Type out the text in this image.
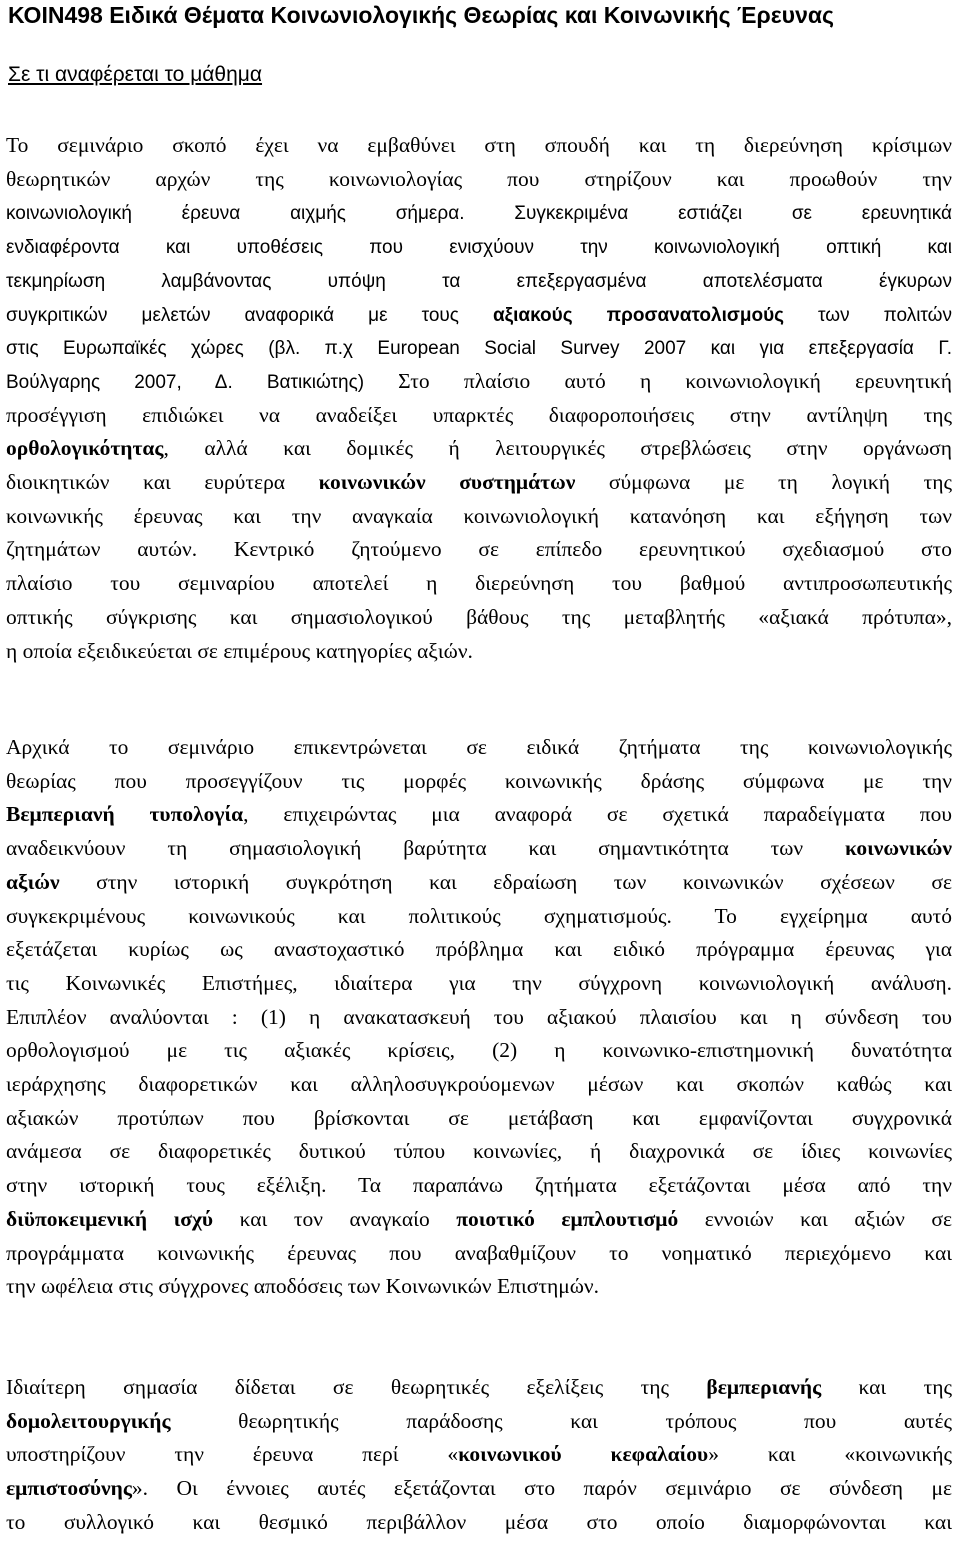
ΚΟΙΝ498 Ειδικά Θέματα Κοινωνιολογικής Θεωρίας και Κοινωνικής Έρευνας
Σε τι αναφέρεται το μάθημα
Το σεμινάριο σκοπό έχει να εμβαθύνει στη σπουδή και τη διερεύνηση κρίσιμων
θεωρητικών αρχών της κοινωνιολογίας που στηρίζουν και προωθούν την
κοινωνιολογική έρευνα αιχμής σήμερα. Συγκεκριμένα εστιάζει σε ερευνητικά
ενδιαφέροντα και υποθέσεις που ενισχύουν την κοινωνιολογική οπτική και
τεκμηρίωση λαμβάνοντας υπόψη τα επεξεργασμένα αποτελέσματα έγκυρων
συγκριτικών μελετών αναφορικά με τους αξιακούς προσανατολισμούς των πολιτών
στις Ευρωπαϊκές χώρες (βλ. π.χ European Social Survey 2007 και για επεξεργασία Γ.
Βούλγαρης 2007, Δ. Βατικιώτης) Στο πλαίσιο αυτό η κοινωνιολογική ερευνητική
προσέγγιση επιδιώκει να αναδείξει υπαρκτές διαφοροποιήσεις στην αντίληψη της
ορθολογικότητας, αλλά και δομικές ή λειτουργικές στρεβλώσεις στην οργάνωση
διοικητικών και ευρύτερα κοινωνικών συστημάτων σύμφωνα με τη λογική της
κοινωνικής έρευνας και την αναγκαία κοινωνιολογική κατανόηση και εξήγηση των
ζητημάτων αυτών. Κεντρικό ζητούμενο σε επίπεδο ερευνητικού σχεδιασμού στο
πλαίσιο του σεμιναρίου αποτελεί η διερεύνηση του βαθμού αντιπροσωπευτικής
οπτικής σύγκρισης και σημασιολογικού βάθους της μεταβλητής «αξιακά πρότυπα»,
η οποία εξειδικεύεται σε επιμέρους κατηγορίες αξιών.
Αρχικά το σεμινάριο επικεντρώνεται σε ειδικά ζητήματα της κοινωνιολογικής
θεωρίας που προσεγγίζουν τις μορφές κοινωνικής δράσης σύμφωνα με την
Βεμπεριανή τυπολογία, επιχειρώντας μια αναφορά σε σχετικά παραδείγματα που
αναδεικνύουν τη σημασιολογική βαρύτητα και σημαντικότητα των κοινωνικών
αξιών στην ιστορική συγκρότηση και εδραίωση των κοινωνικών σχέσεων σε
συγκεκριμένους κοινωνικούς και πολιτικούς σχηματισμούς. Το εγχείρημα αυτό
εξετάζεται κυρίως ως αναστοχαστικό πρόβλημα και ειδικό πρόγραμμα έρευνας για
τις Κοινωνικές Επιστήμες, ιδιαίτερα για την σύγχρονη κοινωνιολογική ανάλυση.
Επιπλέον αναλύονται : (1) η ανακατασκευή του αξιακού πλαισίου και η σύνδεση του
ορθολογισμού με τις αξιακές κρίσεις, (2) η κοινωνικο-επιστημονική δυνατότητα
ιεράρχησης διαφορετικών και αλληλοσυγκρούομενων μέσων και σκοπών καθώς και
αξιακών προτύπων που βρίσκονται σε μετάβαση και εμφανίζονται συγχρονικά
ανάμεσα σε διαφορετικές δυτικού τύπου κοινωνίες, ή διαχρονικά σε ίδιες κοινωνίες
στην ιστορική τους εξέλιξη. Τα παραπάνω ζητήματα εξετάζονται μέσα από την
διϋποκειμενική ισχύ και τον αναγκαίο ποιοτικό εμπλουτισμό εννοιών και αξιών σε
προγράμματα κοινωνικής έρευνας που αναβαθμίζουν το νοηματικό περιεχόμενο και
την ωφέλεια στις σύγχρονες αποδόσεις των Κοινωνικών Επιστημών.
Ιδιαίτερη σημασία δίδεται σε θεωρητικές εξελίξεις της βεμπεριανής και της
δομολειτουργικής θεωρητικής παράδοσης και τρόπους που αυτές
υποστηρίζουν την έρευνα περί «κοινωνικού κεφαλαίου» και «κοινωνικής
εμπιστοσύνης». Οι έννοιες αυτές εξετάζονται στο παρόν σεμινάριο σε σύνδεση με
το συλλογικό και θεσμικό περιβάλλον μέσα στο οποίο διαμορφώνονται και
